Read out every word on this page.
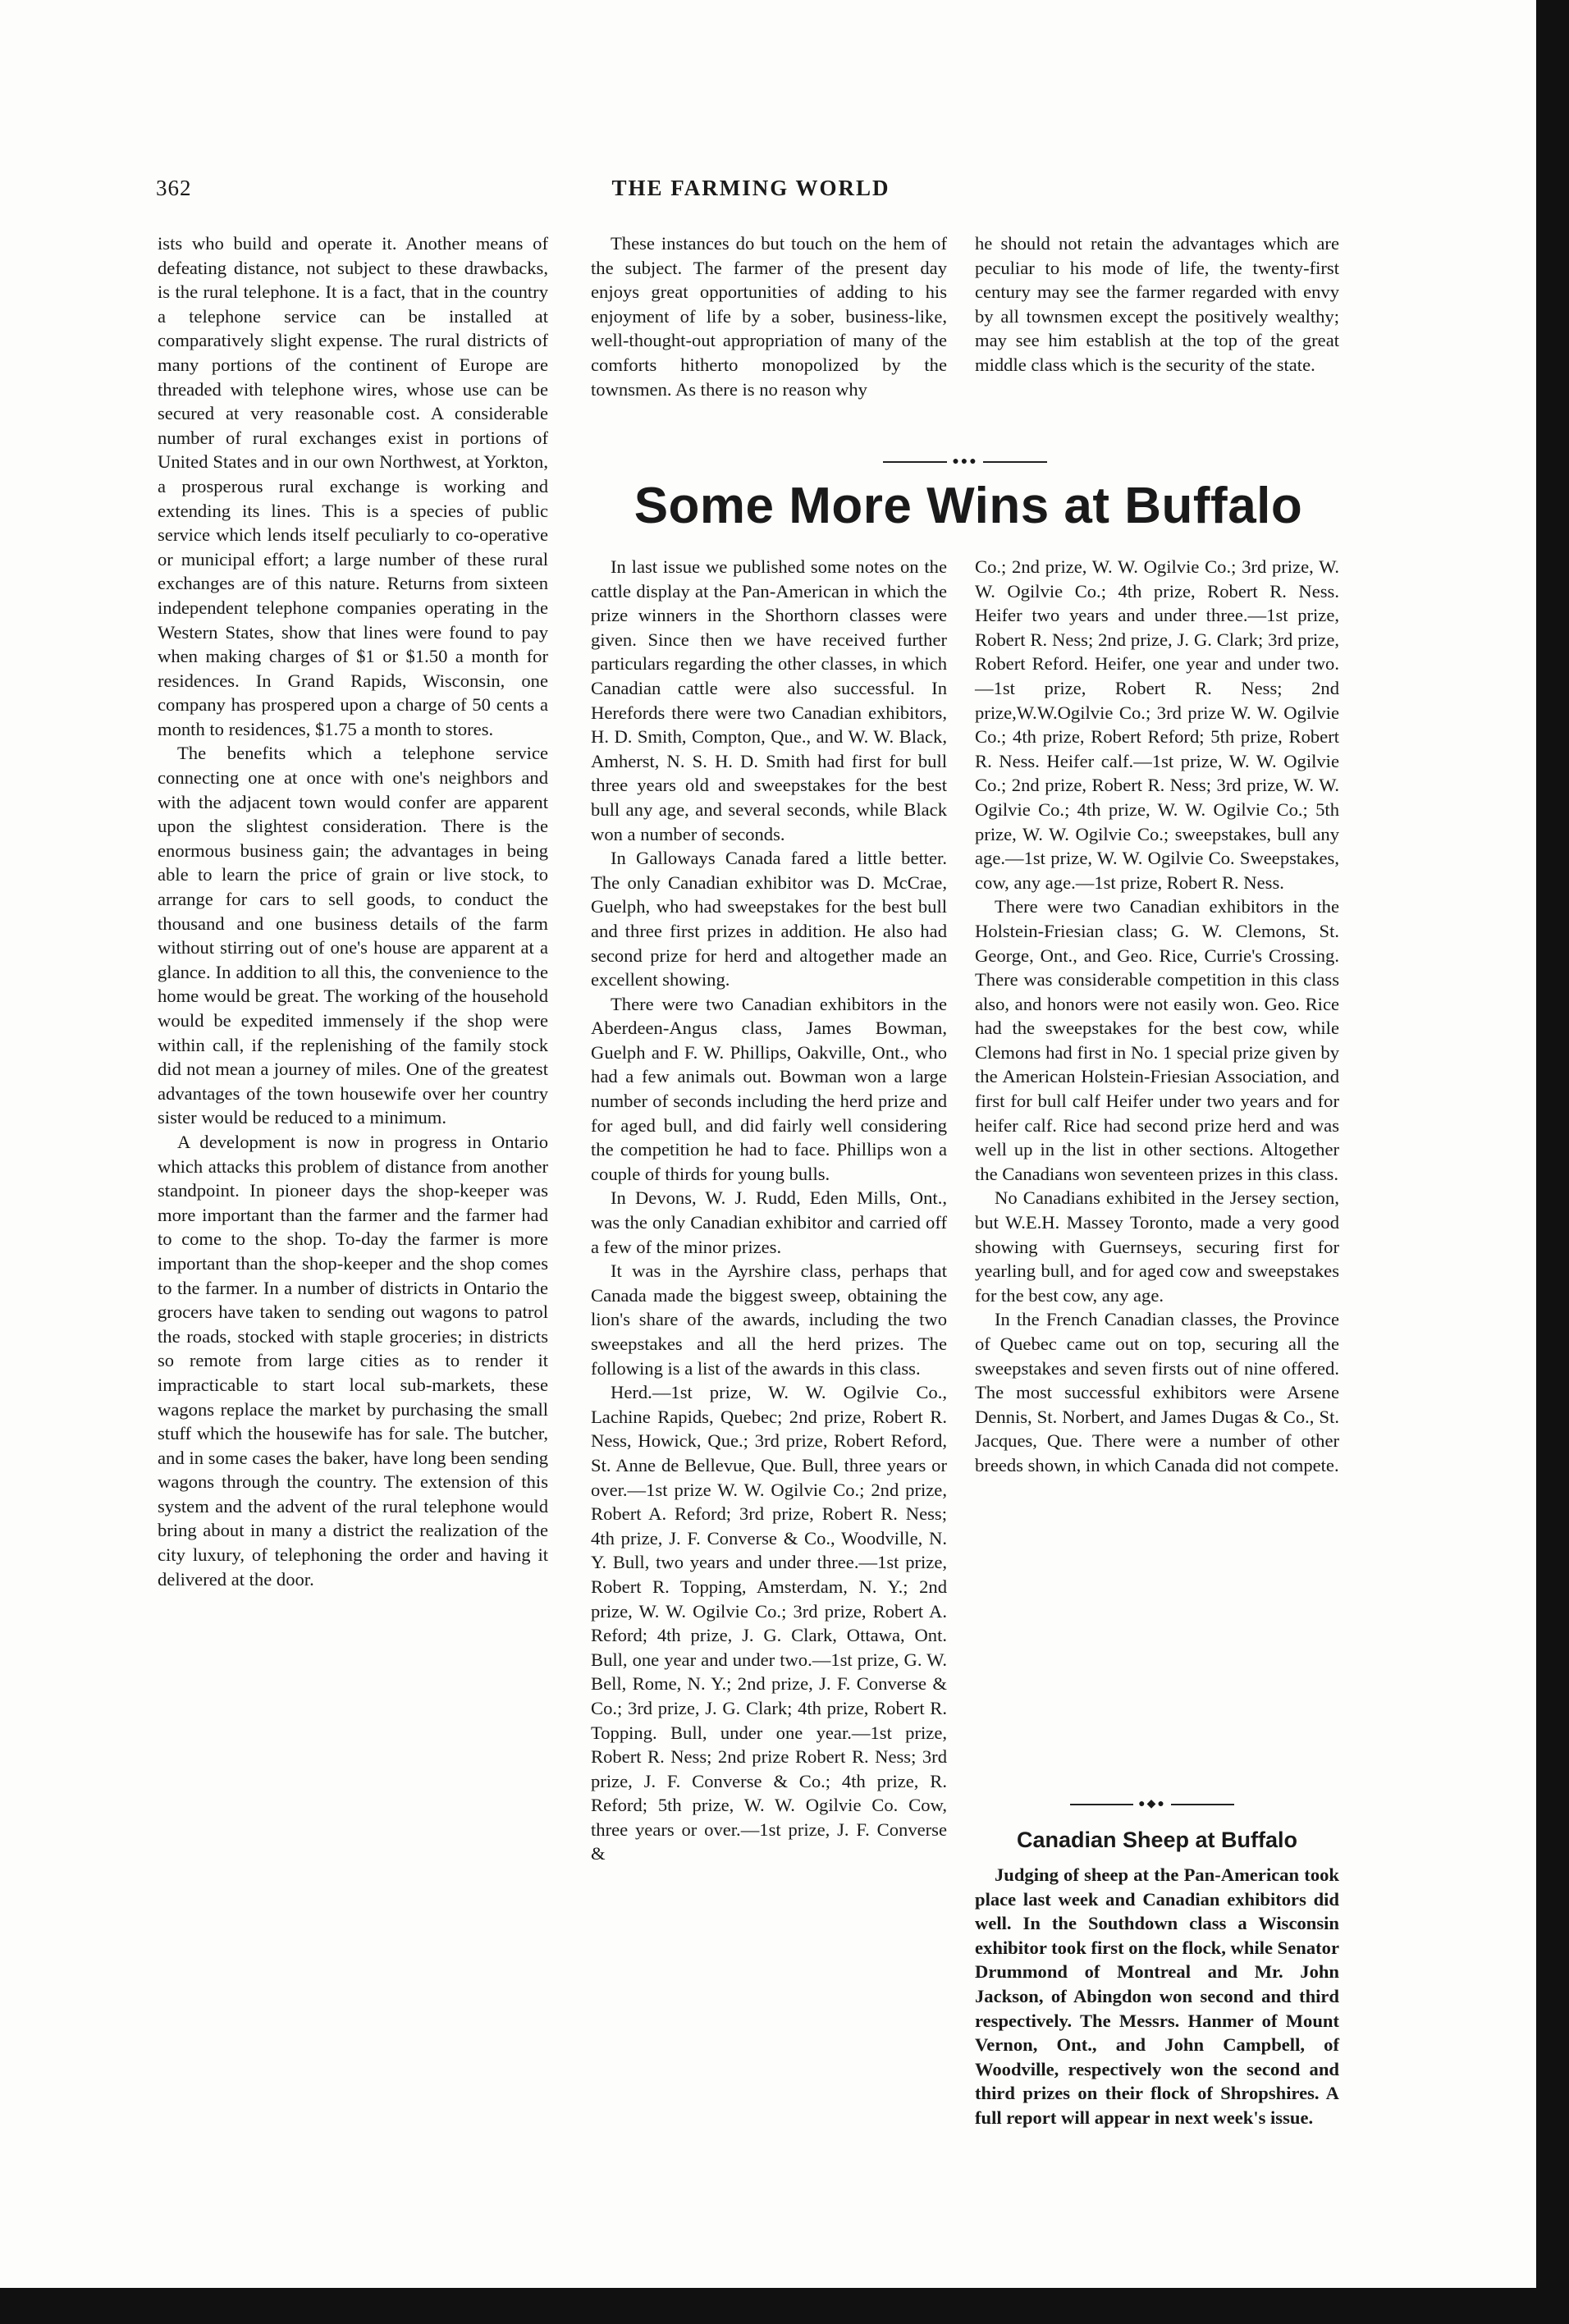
362	THE FARMING WORLD

ists who build and operate it. Another means of defeating distance, not subject to these drawbacks, is the rural telephone. It is a fact, that in the country a telephone service can be installed at comparatively slight expense. The rural districts of many portions of the continent of Europe are threaded with telephone wires, whose use can be secured at very reasonable cost. A considerable number of rural exchanges exist in portions of United States and in our own Northwest, at Yorkton, a prosperous rural exchange is working and extending its lines. This is a species of public service which lends itself peculiarly to co-operative or municipal effort; a large number of these rural exchanges are of this nature. Returns from sixteen independent telephone companies operating in the Western States, show that lines were found to pay when making charges of $1 or $1.50 a month for residences. In Grand Rapids, Wisconsin, one company has prospered upon a charge of 50 cents a month to residences, $1.75 a month to stores.

The benefits which a telephone service connecting one at once with one's neighbors and with the adjacent town would confer are apparent upon the slightest consideration. There is the enormous business gain; the advantages in being able to learn the price of grain or live stock, to arrange for cars to sell goods, to conduct the thousand and one business details of the farm without stirring out of one's house are apparent at a glance. In addition to all this, the convenience to the home would be great. The working of the household would be expedited immensely if the shop were within call, if the replenishing of the family stock did not mean a journey of miles. One of the greatest advantages of the town housewife over her country sister would be reduced to a minimum.

A development is now in progress in Ontario which attacks this problem of distance from another standpoint. In pioneer days the shop-keeper was more important than the farmer and the farmer had to come to the shop. To-day the farmer is more important than the shop-keeper and the shop comes to the farmer. In a number of districts in Ontario the grocers have taken to sending out wagons to patrol the roads, stocked with staple groceries; in districts so remote from large cities as to render it impracticable to start local sub-markets, these wagons replace the market by purchasing the small stuff which the housewife has for sale. The butcher, and in some cases the baker, have long been sending wagons through the country. The extension of this system and the advent of the rural telephone would bring about in many a district the realization of the city luxury, of telephoning the order and having it delivered at the door.

These instances do but touch on the hem of the subject. The farmer of the present day enjoys great opportunities of adding to his enjoyment of life by a sober, business-like, well-thought-out appropriation of many of the comforts hitherto monopolized by the townsmen. As there is no reason why

he should not retain the advantages which are peculiar to his mode of life, the twenty-first century may see the farmer regarded with envy by all townsmen except the positively wealthy; may see him establish at the top of the great middle class which is the security of the state.

●●●
Some More Wins at Buffalo

In last issue we published some notes on the cattle display at the Pan-American in which the prize winners in the Shorthorn classes were given. Since then we have received further particulars regarding the other classes, in which Canadian cattle were also successful. In Herefords there were two Canadian exhibitors, H. D. Smith, Compton, Que., and W. W. Black, Amherst, N. S. H. D. Smith had first for bull three years old and sweepstakes for the best bull any age, and several seconds, while Black won a number of seconds.

In Galloways Canada fared a little better. The only Canadian exhibitor was D. McCrae, Guelph, who had sweepstakes for the best bull and three first prizes in addition. He also had second prize for herd and altogether made an excellent showing.

There were two Canadian exhibitors in the Aberdeen-Angus class, James Bowman, Guelph and F. W. Phillips, Oakville, Ont., who had a few animals out. Bowman won a large number of seconds including the herd prize and for aged bull, and did fairly well considering the competition he had to face. Phillips won a couple of thirds for young bulls.

In Devons, W. J. Rudd, Eden Mills, Ont., was the only Canadian exhibitor and carried off a few of the minor prizes.

It was in the Ayrshire class, perhaps that Canada made the biggest sweep, obtaining the lion's share of the awards, including the two sweepstakes and all the herd prizes. The following is a list of the awards in this class.

Herd.—1st prize, W. W. Ogilvie Co., Lachine Rapids, Quebec; 2nd prize, Robert R. Ness, Howick, Que.; 3rd prize, Robert Reford, St. Anne de Bellevue, Que. Bull, three years or over.—1st prize W. W. Ogilvie Co.; 2nd prize, Robert A. Reford; 3rd prize, Robert R. Ness; 4th prize, J. F. Converse & Co., Woodville, N. Y. Bull, two years and under three.—1st prize, Robert R. Topping, Amsterdam, N. Y.; 2nd prize, W. W. Ogilvie Co.; 3rd prize, Robert A. Reford; 4th prize, J. G. Clark, Ottawa, Ont. Bull, one year and under two.—1st prize, G. W. Bell, Rome, N. Y.; 2nd prize, J. F. Converse & Co.; 3rd prize, J. G. Clark; 4th prize, Robert R. Topping. Bull, under one year.—1st prize, Robert R. Ness; 2nd prize Robert R. Ness; 3rd prize, J. F. Converse & Co.; 4th prize, R. Reford; 5th prize, W. W. Ogilvie Co. Cow, three years or over.—1st prize, J. F. Converse &

Co.; 2nd prize, W. W. Ogilvie Co.; 3rd prize, W. W. Ogilvie Co.; 4th prize, Robert R. Ness. Heifer two years and under three.—1st prize, Robert R. Ness; 2nd prize, J. G. Clark; 3rd prize, Robert Reford. Heifer, one year and under two.—1st prize, Robert R. Ness; 2nd prize,W.W.Ogilvie Co.; 3rd prize W. W. Ogilvie Co.; 4th prize, Robert Reford; 5th prize, Robert R. Ness. Heifer calf.—1st prize, W. W. Ogilvie Co.; 2nd prize, Robert R. Ness; 3rd prize, W. W. Ogilvie Co.; 4th prize, W. W. Ogilvie Co.; 5th prize, W. W. Ogilvie Co.; sweepstakes, bull any age.—1st prize, W. W. Ogilvie Co. Sweepstakes, cow, any age.—1st prize, Robert R. Ness.

There were two Canadian exhibitors in the Holstein-Friesian class; G. W. Clemons, St. George, Ont., and Geo. Rice, Currie's Crossing. There was considerable competition in this class also, and honors were not easily won. Geo. Rice had the sweepstakes for the best cow, while Clemons had first in No. 1 special prize given by the American Holstein-Friesian Association, and first for bull calf Heifer under two years and for heifer calf. Rice had second prize herd and was well up in the list in other sections. Altogether the Canadians won seventeen prizes in this class.

No Canadians exhibited in the Jersey section, but W.E.H. Massey Toronto, made a very good showing with Guernseys, securing first for yearling bull, and for aged cow and sweepstakes for the best cow, any age.

In the French Canadian classes, the Province of Quebec came out on top, securing all the sweepstakes and seven firsts out of nine offered. The most successful exhibitors were Arsene Dennis, St. Norbert, and James Dugas & Co., St. Jacques, Que. There were a number of other breeds shown, in which Canada did not compete.

●◆●
Canadian Sheep at Buffalo

Judging of sheep at the Pan-American took place last week and Canadian exhibitors did well. In the Southdown class a Wisconsin exhibitor took first on the flock, while Senator Drummond of Montreal and Mr. John Jackson, of Abingdon won second and third respectively. The Messrs. Hanmer of Mount Vernon, Ont., and John Campbell, of Woodville, respectively won the second and third prizes on their flock of Shropshires. A full report will appear in next week's issue.
